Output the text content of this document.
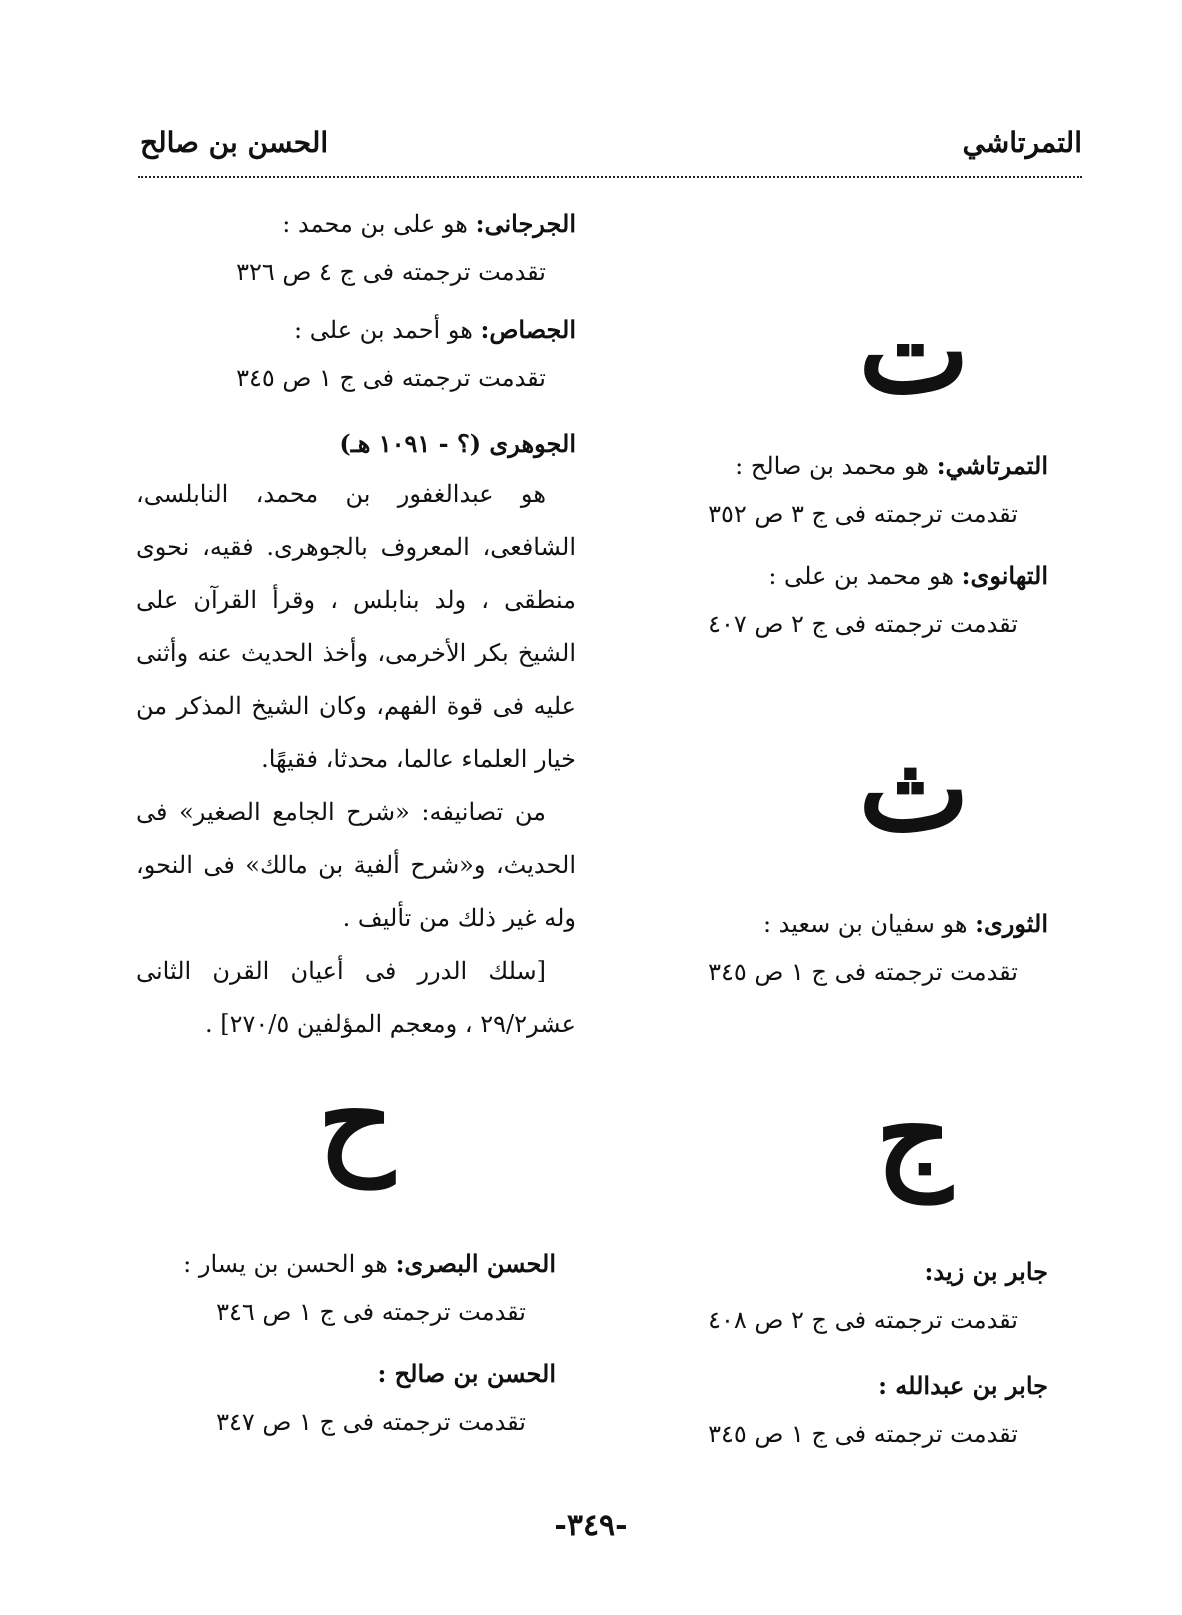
التمرتاشي
الحسن بن صالح
ت
التمرتاشي: هو محمد بن صالح :
تقدمت ترجمته فى ج ٣ ص ٣٥٢
التهانوى: هو محمد بن على :
تقدمت ترجمته فى ج ٢ ص ٤٠٧
ث
الثورى: هو سفيان بن سعيد :
تقدمت ترجمته فى ج ١ ص ٣٤٥
ج
جابر بن زيد:
تقدمت ترجمته فى ج ٢ ص ٤٠٨
جابر بن عبدالله :
تقدمت ترجمته فى ج ١ ص ٣٤٥
الجرجانى: هو على بن محمد :
تقدمت ترجمته فى ج ٤ ص ٣٢٦
الجصاص: هو أحمد بن على :
تقدمت ترجمته فى ج ١ ص ٣٤٥
الجوهرى (؟ - ١٠٩١ هـ)

هو عبدالغفور بن محمد، النابلسى، الشافعى، المعروف بالجوهرى. فقيه، نحوى منطقى ، ولد بنابلس ، وقرأ القرآن على الشيخ بكر الأخرمى، وأخذ الحديث عنه وأثنى عليه فى قوة الفهم، وكان الشيخ المذكر من خيار العلماء عالما، محدثا، فقيهًا.

من تصانيفه: «شرح الجامع الصغير» فى الحديث، و«شرح ألفية بن مالك» فى النحو، وله غير ذلك من تأليف .

[سلك الدرر فى أعيان القرن الثانى عشر٢٩/٢ ، ومعجم المؤلفين ٢٧٠/٥] .

ح
الحسن البصرى: هو الحسن بن يسار :
تقدمت ترجمته فى ج ١ ص ٣٤٦
الحسن بن صالح :
تقدمت ترجمته فى ج ١ ص ٣٤٧
-٣٤٩-
